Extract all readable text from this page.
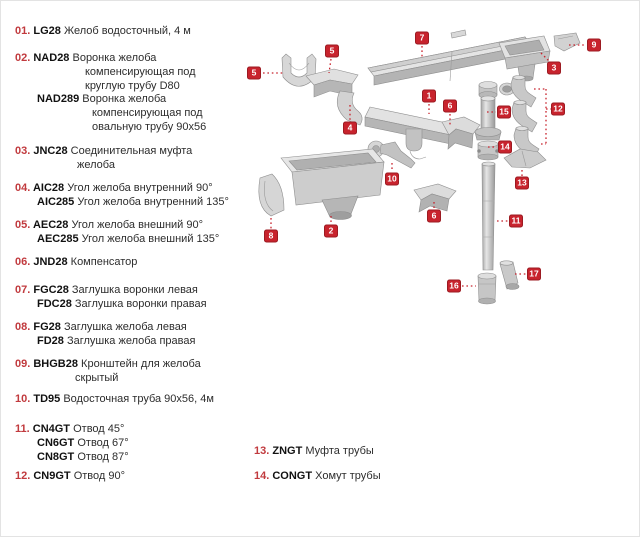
01. LG28 Желоб водосточный, 4 м
02. NAD28 Воронка желоба
компенсирующая под
круглую трубу D80
NAD289 Воронка желоба
компенсирующая под
овальную трубу 90x56
03. JNC28 Соединительная муфта
желоба
04. AIC28 Угол желоба внутренний 90°
AIC285 Угол желоба внутренний 135°
05. AEC28 Угол желоба внешний 90°
AEC285 Угол желоба внешний 135°
06. JND28 Компенсатор
07. FGC28 Заглушка воронки левая
FDC28 Заглушка воронки правая
08. FG28 Заглушка желоба левая
FD28 Заглушка желоба правая
09. BHGB28 Кронштейн для желоба
скрытый
10. TD95 Водосточная труба 90x56, 4м
11. CN4GT Отвод 45°
CN6GT Отвод 67°
CN8GT Отвод 87°
12. CN9GT Отвод 90°
13. ZNGT Муфта трубы
14. CONGT Хомут трубы
5
5
7
9
3
1
6
4
15	12
14
10	13
6
2
8
11
16
17
